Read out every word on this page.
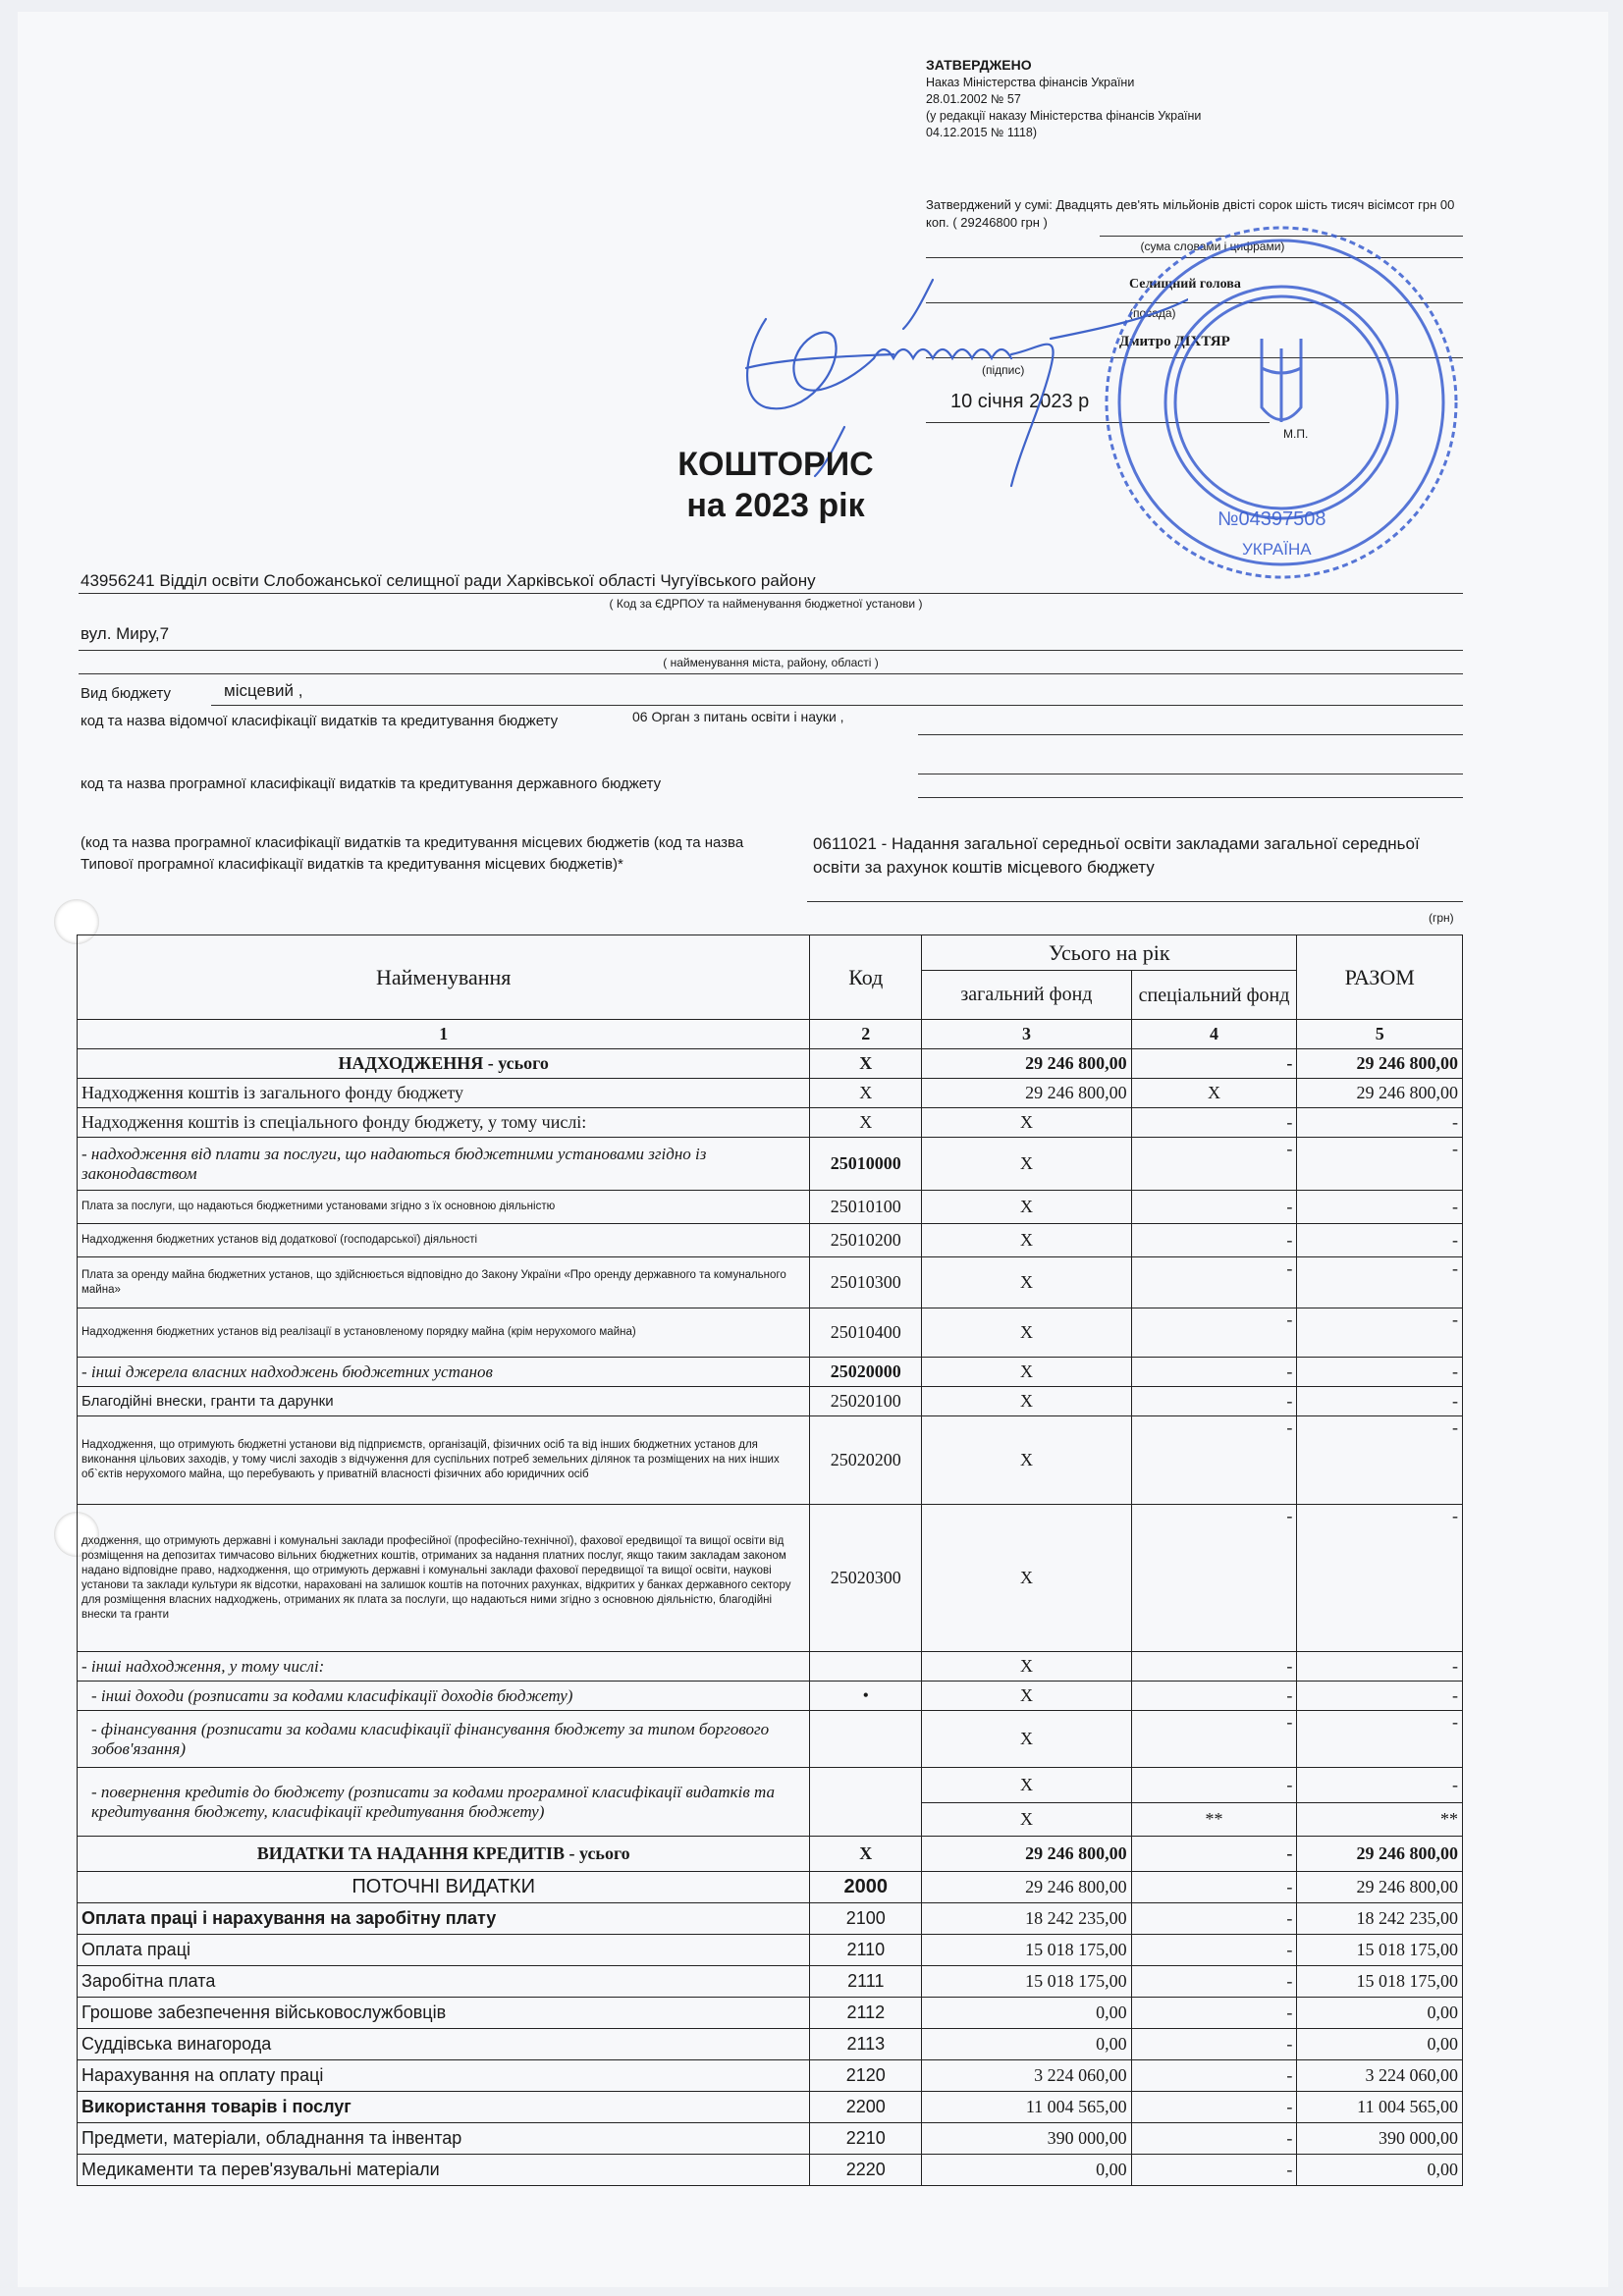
ЗАТВЕРДЖЕНО
Наказ Міністерства фінансів України
28.01.2002 № 57
(у редакції наказу Міністерства фінансів України
04.12.2015 № 1118)
Затверджений у сумі: Двадцять дев'ять мільйонів двісті сорок шість тисяч вісімсот грн 00 коп. ( 29246800 грн )
(сума словами і цифрами)
Селищний голова
(посада)
Дмитро ДІХТЯР
(підпис)
10 січня 2023 р
М.П.
№04397508
УКРАЇНА
КОШТОРИС
на 2023 рік
43956241 Відділ освіти Слобожанської селищної ради Харківської області Чугуївського району
( Код за ЄДРПОУ та найменування бюджетної установи )
вул. Миру,7
( найменування міста, району, області )
Вид бюджету	місцевий ,
код та назва відомчої класифікації видатків та кредитування бюджету	06 Орган з питань освіти і науки ,
код та назва програмної класифікації видатків та кредитування державного бюджету
(код та назва програмної класифікації видатків та кредитування місцевих бюджетів (код та назва Типової програмної класифікації видатків та кредитування місцевих бюджетів)*
0611021 - Надання загальної середньої освіти закладами загальної середньої освіти за рахунок коштів місцевого бюджету
(грн)
Найменування	Код	Усього на рік		РАЗОМ
		загальний фонд	спеціальний фонд	
1	2	3	4	5
НАДХОДЖЕННЯ - усього	Х	29 246 800,00	-	29 246 800,00
Надходження коштів із загального фонду бюджету	Х	29 246 800,00	Х	29 246 800,00
Надходження коштів із спеціального фонду бюджету, у тому числі:	Х	Х	-	-
- надходження від плати за послуги, що надаються бюджетними установами згідно із законодавством	25010000	Х	-	-
Плата за послуги, що надаються бюджетними установами згідно з їх основною діяльністю	25010100	Х	-	-
Надходження бюджетних установ від додаткової (господарської) діяльності	25010200	Х	-	-
Плата за оренду майна бюджетних установ, що здійснюється відповідно до Закону України «Про оренду державного та комунального майна»	25010300	Х	-	-
Надходження бюджетних установ від реалізації в установленому порядку майна (крім нерухомого майна)	25010400	Х	-	-
- інші джерела власних надходжень бюджетних установ	25020000	Х	-	-
Благодійні внески, гранти та дарунки	25020100	Х	-	-
Надходження, що отримують бюджетні установи від підприємств, організацій, фізичних осіб та від інших бюджетних установ для виконання цільових заходів, у тому числі заходів з відчуження для суспільних потреб земельних ділянок та розміщених на них інших об`єктів нерухомого майна, що перебувають у приватній власності фізичних або юридичних осіб	25020200	Х	-	-
дходження, що отримують державні і комунальні заклади професійної (професійно-технічної), фахової ередвищої та вищої освіти від розміщення на депозитах тимчасово вільних бюджетних коштів, отриманих за надання платних послуг, якщо таким закладам законом надано відповідне право, надходження, що отримують державні і комунальні заклади фахової передвищої та вищої освіти, наукові установи та заклади культури як відсотки, нараховані на залишок коштів на поточних рахунках, відкритих у банках державного сектору для розміщення власних надходжень, отриманих як плата за послуги, що надаються ними згідно з основною діяльністю, благодійні внески та гранти	25020300	Х	-	-
- інші надходження, у тому числі:		Х	-	-
- інші доходи (розписати за кодами класифікації доходів бюджету)	•	Х	-	-
- фінансування (розписати за кодами класифікації фінансування бюджету за типом боргового зобов'язання)		Х	-	-
- повернення кредитів до бюджету (розписати за кодами програмної класифікації видатків та кредитування бюджету, класифікації кредитування бюджету)		Х	-	-
		Х	**	**
ВИДАТКИ ТА НАДАННЯ КРЕДИТІВ - усього	Х	29 246 800,00	-	29 246 800,00
ПОТОЧНІ ВИДАТКИ	2000	29 246 800,00	-	29 246 800,00
Оплата праці і нарахування на заробітну плату	2100	18 242 235,00	-	18 242 235,00
Оплата праці	2110	15 018 175,00	-	15 018 175,00
Заробітна плата	2111	15 018 175,00	-	15 018 175,00
Грошове забезпечення військовослужбовців	2112	0,00	-	0,00
Суддівська винагорода	2113	0,00	-	0,00
Нарахування на оплату праці	2120	3 224 060,00	-	3 224 060,00
Використання товарів і послуг	2200	11 004 565,00	-	11 004 565,00
Предмети, матеріали, обладнання та інвентар	2210	390 000,00	-	390 000,00
Медикаменти та перев'язувальні матеріали	2220	0,00	-	0,00
